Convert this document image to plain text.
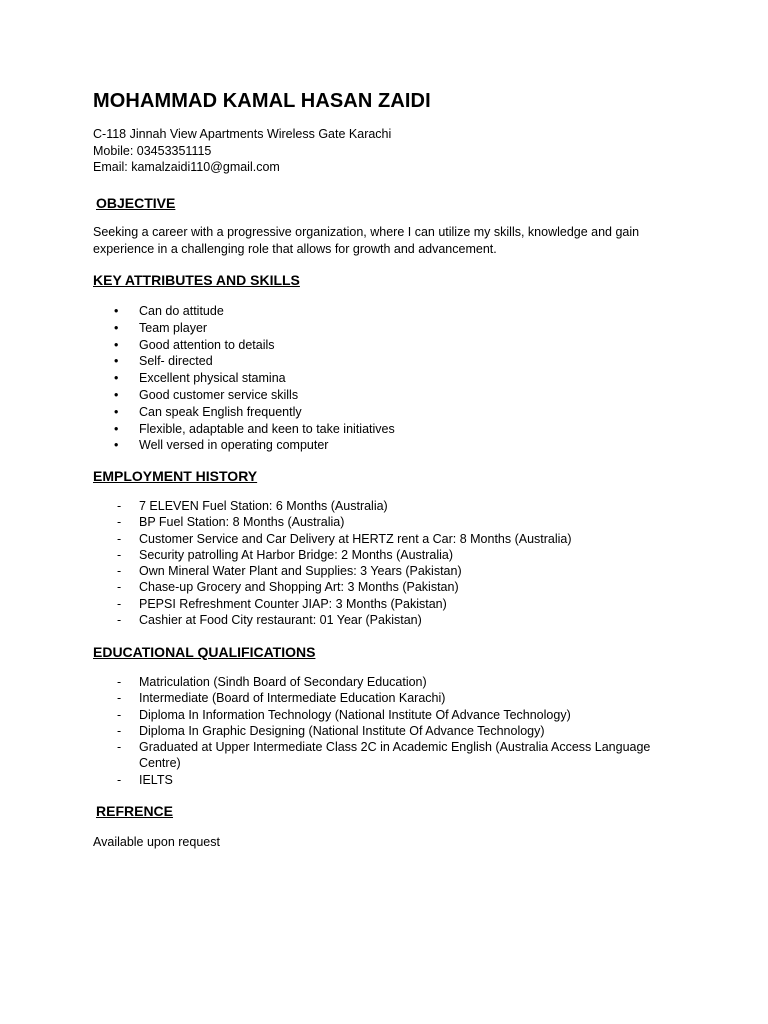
MOHAMMAD KAMAL HASAN ZAIDI
C-118 Jinnah View Apartments Wireless Gate Karachi
Mobile: 03453351115
Email: kamalzaidi110@gmail.com
OBJECTIVE

Seeking a career with a progressive organization, where I can utilize my skills, knowledge and gain experience in a challenging role that allows for growth and advancement.

KEY ATTRIBUTES AND SKILLS
• Can do attitude
• Team player
• Good attention to details
• Self- directed
• Excellent physical stamina
• Good customer service skills
• Can speak English frequently
• Flexible, adaptable and keen to take initiatives
• Well versed in operating computer
EMPLOYMENT HISTORY
- 7 ELEVEN Fuel Station: 6 Months (Australia)
- BP Fuel Station: 8 Months (Australia)
- Customer Service and Car Delivery at HERTZ rent a Car: 8 Months (Australia)
- Security patrolling At Harbor Bridge: 2 Months (Australia)
- Own Mineral Water Plant and Supplies: 3 Years (Pakistan)
- Chase-up Grocery and Shopping Art: 3 Months (Pakistan)
- PEPSI Refreshment Counter JIAP: 3 Months (Pakistan)
- Cashier at Food City restaurant: 01 Year (Pakistan)
EDUCATIONAL QUALIFICATIONS
- Matriculation (Sindh Board of Secondary Education)
- Intermediate (Board of Intermediate Education Karachi)
- Diploma In Information Technology (National Institute Of Advance Technology)
- Diploma In Graphic Designing (National Institute Of Advance Technology)
- Graduated at Upper Intermediate Class 2C in Academic English (Australia Access Language Centre)
- IELTS
REFRENCE

Available upon request
